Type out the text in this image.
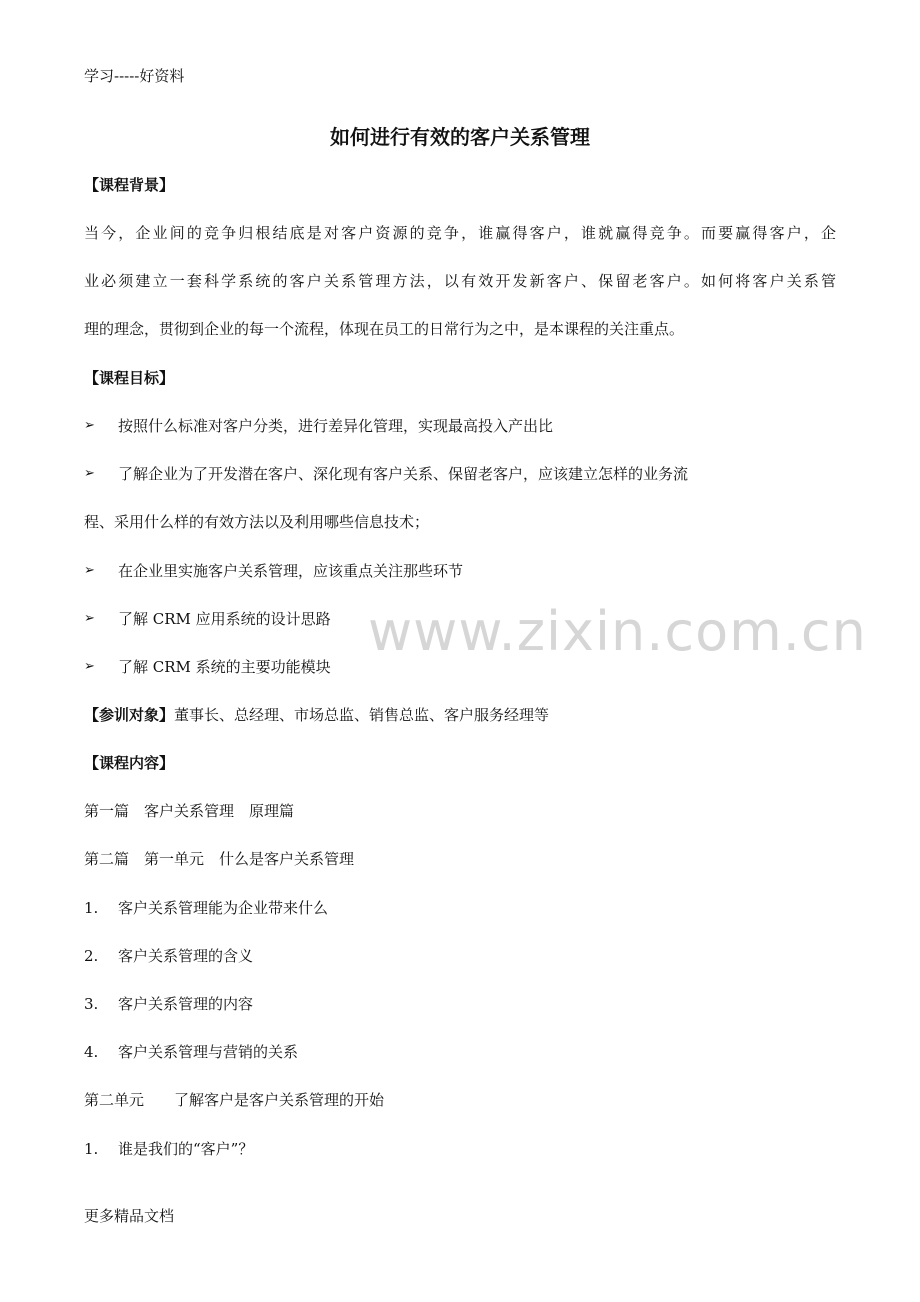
学习-----好资料
如何进行有效的客户关系管理
【课程背景】
当今，企业间的竞争归根结底是对客户资源的竞争，谁赢得客户，谁就赢得竞争。而要赢得客户，企
业必须建立一套科学系统的客户关系管理方法，以有效开发新客户、保留老客户。如何将客户关系管
理的理念，贯彻到企业的每一个流程，体现在员工的日常行为之中，是本课程的关注重点。
【课程目标】
➢ 按照什么标准对客户分类，进行差异化管理，实现最高投入产出比
➢ 了解企业为了开发潜在客户、深化现有客户关系、保留老客户，应该建立怎样的业务流
程、采用什么样的有效方法以及利用哪些信息技术；
➢ 在企业里实施客户关系管理，应该重点关注那些环节
➢ 了解 CRM 应用系统的设计思路
➢ 了解 CRM 系统的主要功能模块
www.zixin.com.cn
【参训对象】董事长、总经理、市场总监、销售总监、客户服务经理等
【课程内容】
第一篇　客户关系管理　原理篇
第二篇　第一单元　什么是客户关系管理
1. 客户关系管理能为企业带来什么
2. 客户关系管理的含义
3. 客户关系管理的内容
4. 客户关系管理与营销的关系
第二单元　　了解客户是客户关系管理的开始
1. 谁是我们的“客户”？
更多精品文档
